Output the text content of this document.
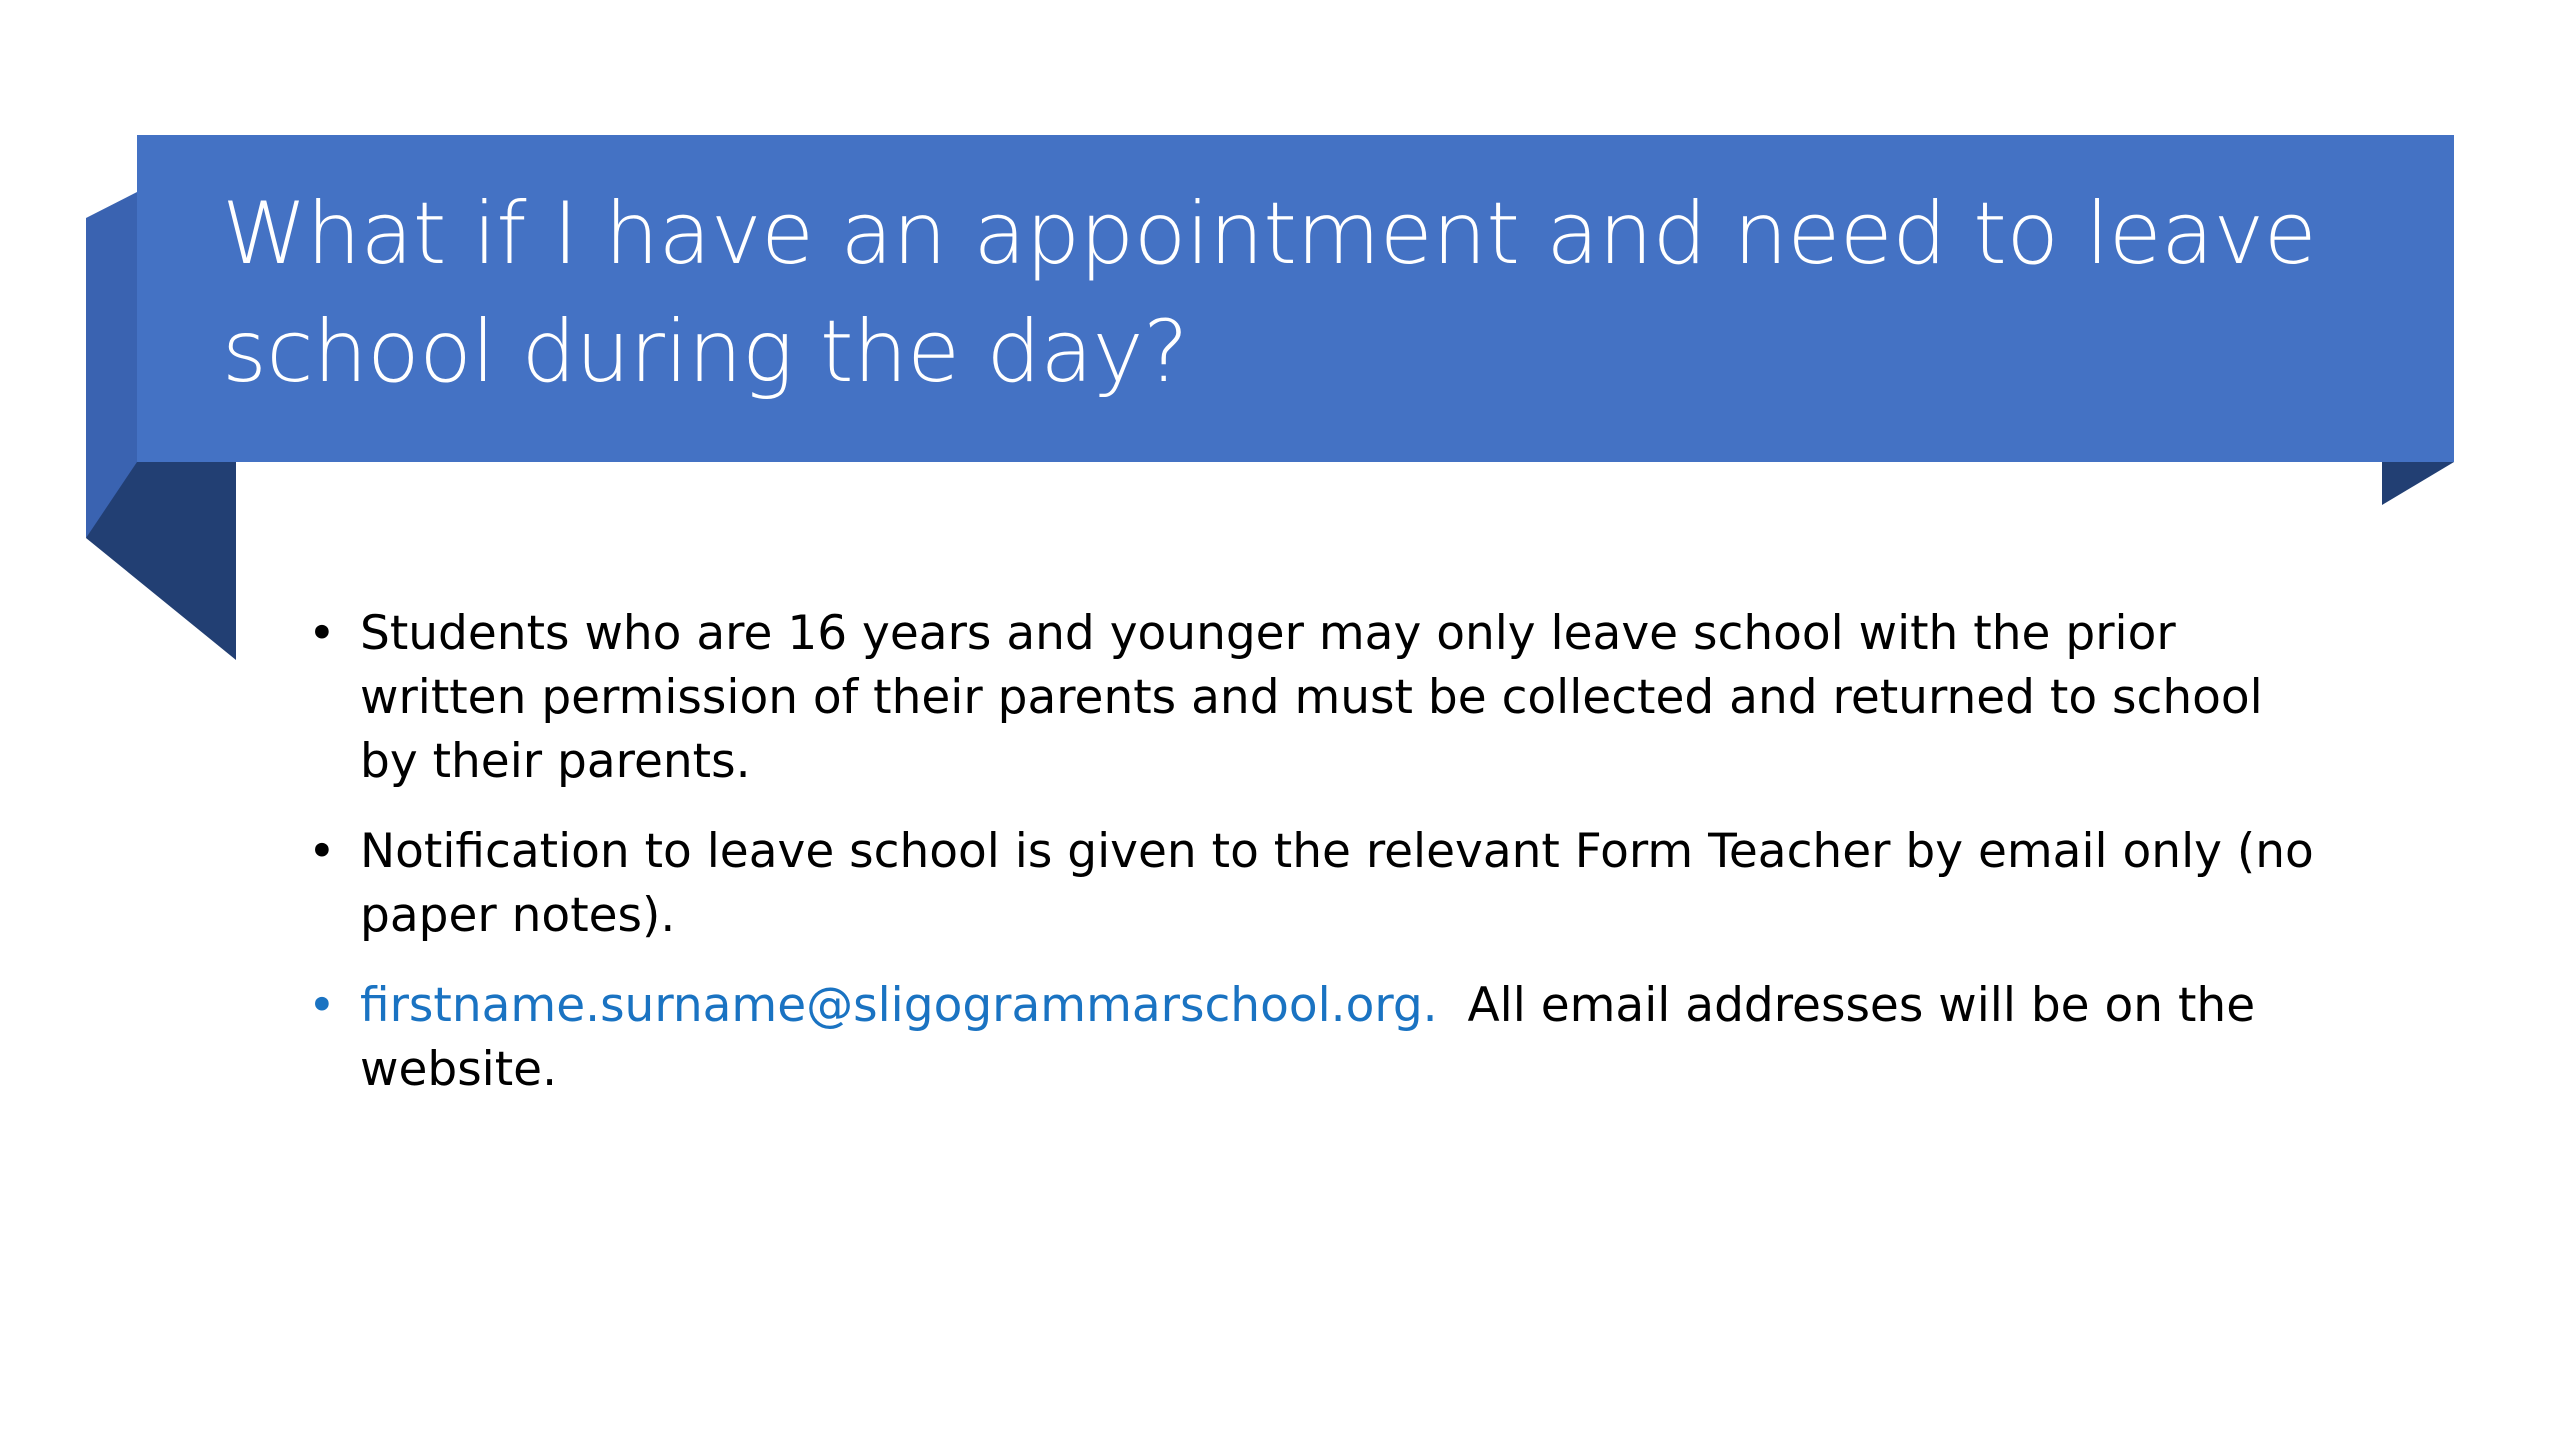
What if I have an appointment and need to leave school during the day?
• Students who are 16 years and younger may only leave school with the prior written permission of their parents and must be collected and returned to school by their parents.
• Notification to leave school is given to the relevant Form Teacher by email only (no paper notes).
• firstname.surname@sligogrammarschool.org.  All email addresses will be on the website.
